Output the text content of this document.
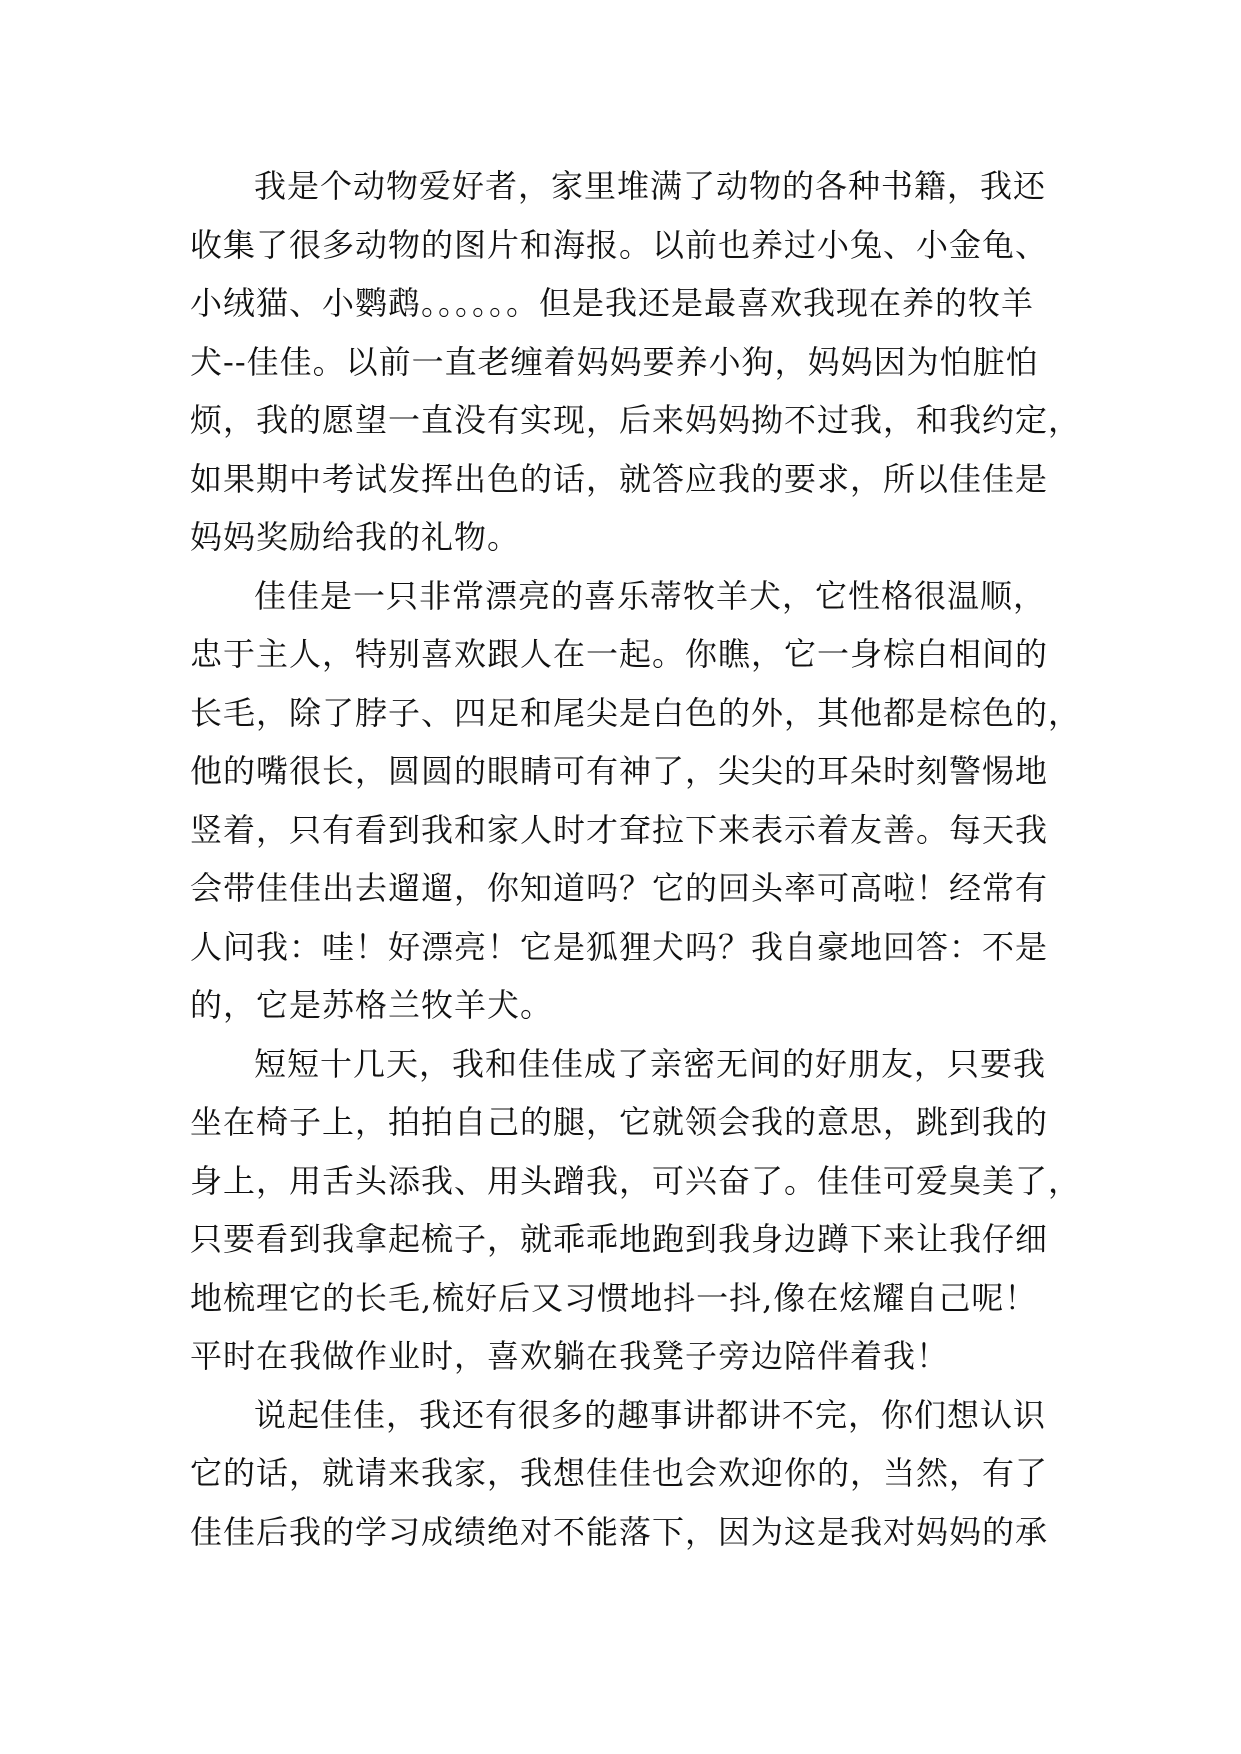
我是个动物爱好者，家里堆满了动物的各种书籍，我还
收集了很多动物的图片和海报。以前也养过小兔、小金龟、
小绒猫、小鹦鹉。。。。。。但是我还是最喜欢我现在养的牧羊
犬--佳佳。以前一直老缠着妈妈要养小狗，妈妈因为怕脏怕
烦，我的愿望一直没有实现，后来妈妈拗不过我，和我约定，
如果期中考试发挥出色的话，就答应我的要求，所以佳佳是
妈妈奖励给我的礼物。
佳佳是一只非常漂亮的喜乐蒂牧羊犬，它性格很温顺，
忠于主人，特别喜欢跟人在一起。你瞧，它一身棕白相间的
长毛，除了脖子、四足和尾尖是白色的外，其他都是棕色的，
他的嘴很长，圆圆的眼睛可有神了，尖尖的耳朵时刻警惕地
竖着，只有看到我和家人时才耷拉下来表示着友善。每天我
会带佳佳出去遛遛，你知道吗？它的回头率可高啦！经常有
人问我：哇！好漂亮！它是狐狸犬吗？我自豪地回答：不是
的，它是苏格兰牧羊犬。
短短十几天，我和佳佳成了亲密无间的好朋友，只要我
坐在椅子上，拍拍自己的腿，它就领会我的意思，跳到我的
身上，用舌头添我、用头蹭我，可兴奋了。佳佳可爱臭美了，
只要看到我拿起梳子，就乖乖地跑到我身边蹲下来让我仔细
地梳理它的长毛,梳好后又习惯地抖一抖,像在炫耀自己呢！
平时在我做作业时，喜欢躺在我凳子旁边陪伴着我！
说起佳佳，我还有很多的趣事讲都讲不完，你们想认识
它的话，就请来我家，我想佳佳也会欢迎你的，当然，有了
佳佳后我的学习成绩绝对不能落下，因为这是我对妈妈的承
